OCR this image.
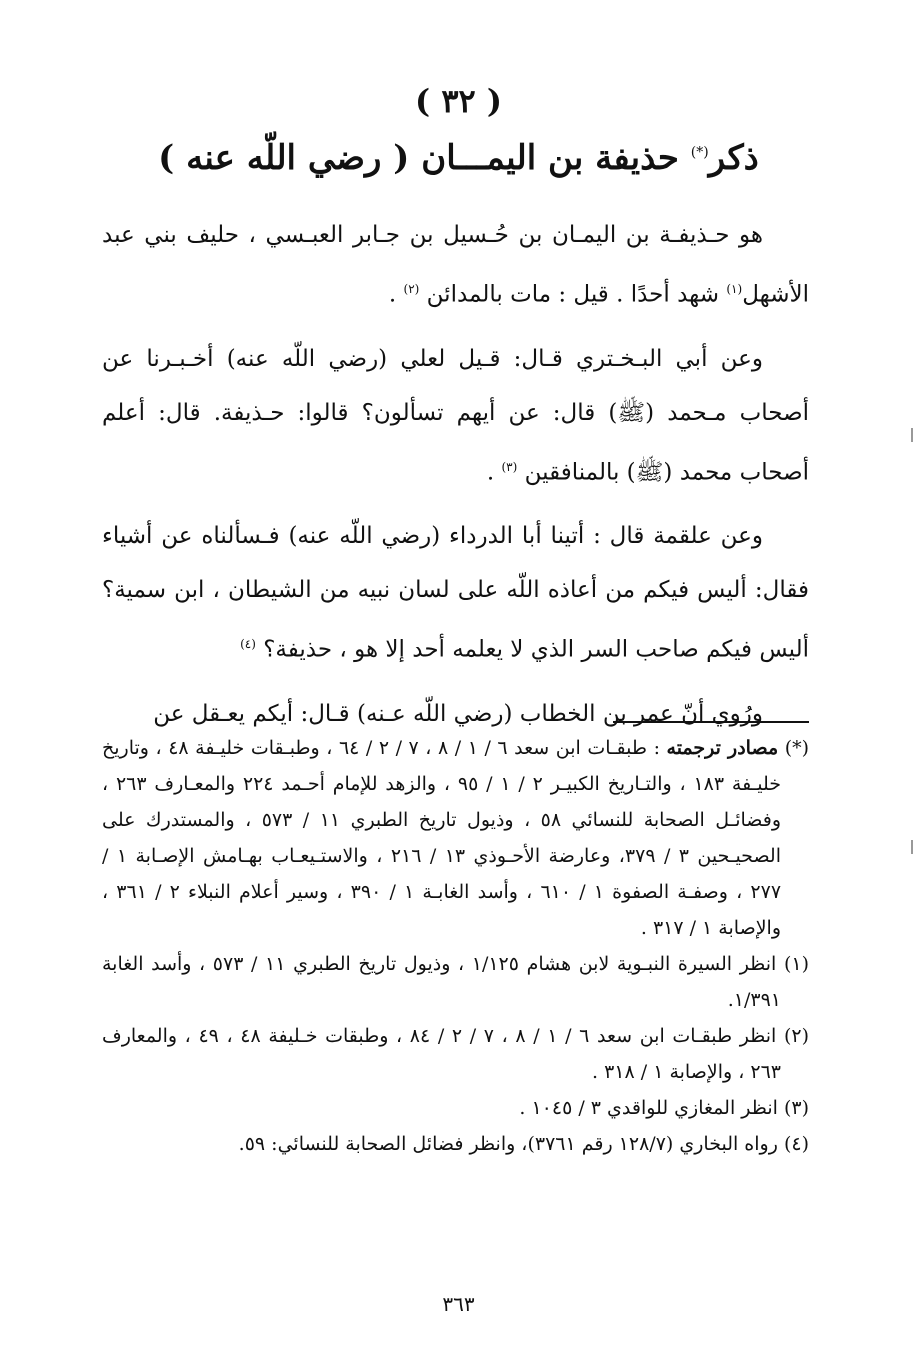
( ٣٢ )
ذكر(*) حذيفة بن اليمـــان ( رضي اللّه عنه )

هو حـذيفـة بن اليمـان بن حُـسيل بن جـابر العبـسي ، حليف بني عبد الأشهل$^{(١)}$ شهد أحدًا . قيل : مات بالمدائن $^{(٢)}$ .

وعن أبي البـخـتري قـال: قـيل لعلي (رضي اللّه عنه) أخـبـرنا عن أصحاب مـحمد (ﷺ) قال: عن أيهم تسألون؟ قالوا: حـذيفة. قال: أعلم أصحاب محمد (ﷺ) بالمنافقين $^{(٣)}$ .

وعن علقمة قال : أتينا أبا الدرداء (رضي اللّه عنه) فـسألناه عن أشياء فقال: أليس فيكم من أعاذه اللّه على لسان نبيه من الشيطان ، ابن سمية؟ أليس فيكم صاحب السر الذي لا يعلمه أحد إلا هو ، حذيفة؟ $^{(٤)}$

ورُوي أنّ عمر بن الخطاب (رضي اللّه عـنه) قـال: أيكم يعـقل عن

(*) مصادر ترجمته : طبقـات ابن سعد ٦ / ١ / ٨ ، ٧ / ٢ / ٦٤ ، وطبـقات خليـفة ٤٨ ، وتاريخ خليـفة ١٨٣ ، والتـاريخ الكبيـر ٢ / ١ / ٩٥ ، والزهد للإمام أحـمد ٢٢٤ والمعـارف ٢٦٣ ، وفضائـل الصحابة للنسائي ٥٨ ، وذيول تاريخ الطبري ١١ / ٥٧٣ ، والمستدرك على الصحيـحين ٣ / ٣٧٩، وعارضة الأحـوذي ١٣ / ٢١٦ ، والاستـيعـاب بهـامش الإصـابة ١ / ٢٧٧ ، وصفـة الصفوة ١ / ٦١٠ ، وأسد الغابـة ١ / ٣٩٠ ، وسير أعلام النبلاء ٢ / ٣٦١ ، والإصابة ١ / ٣١٧ .
(١) انظر السيرة النبـوية لابن هشام ١/١٢٥ ، وذيول تاريخ الطبري ١١ / ٥٧٣ ، وأسد الغابة ١/٣٩١.
(٢) انظر طبقـات ابن سعد ٦ / ١ / ٨ ، ٧ / ٢ / ٨٤ ، وطبقات خـليفة ٤٨ ، ٤٩ ، والمعارف ٢٦٣ ، والإصابة ١ / ٣١٨ .
(٣) انظر المغازي للواقدي ٣ / ١٠٤٥ .
(٤) رواه البخاري (١٢٨/٧ رقم ٣٧٦١)، وانظر فضائل الصحابة للنسائي: ٥٩.
٣٦٣
